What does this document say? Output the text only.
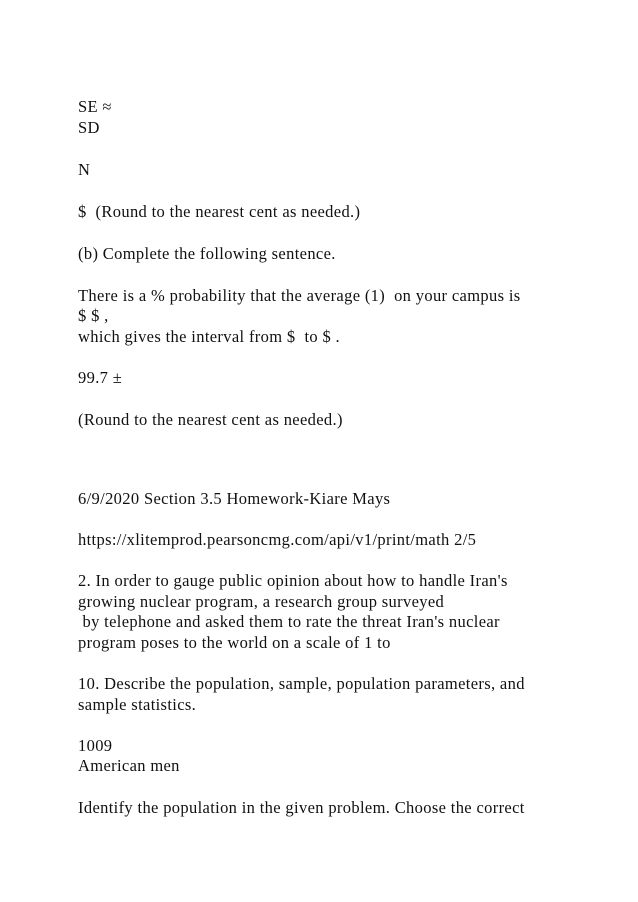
SE ≈

SD

N

$  (Round to the nearest cent as needed.)

(b) Complete the following sentence.

There is a % probability that the average (1)  on your campus is

$ $ ,

which gives the interval from $  to $ .

99.7 ±

(Round to the nearest cent as needed.)

6/9/2020 Section 3.5 Homework-Kiare Mays

https://xlitemprod.pearsoncmg.com/api/v1/print/math 2/5

2. In order to gauge public opinion about how to handle Iran's

growing nuclear program, a research group surveyed

by telephone and asked them to rate the threat Iran's nuclear

program poses to the world on a scale of 1 to

10. Describe the population, sample, population parameters, and

sample statistics.

1009

American men

Identify the population in the given problem. Choose the correct
